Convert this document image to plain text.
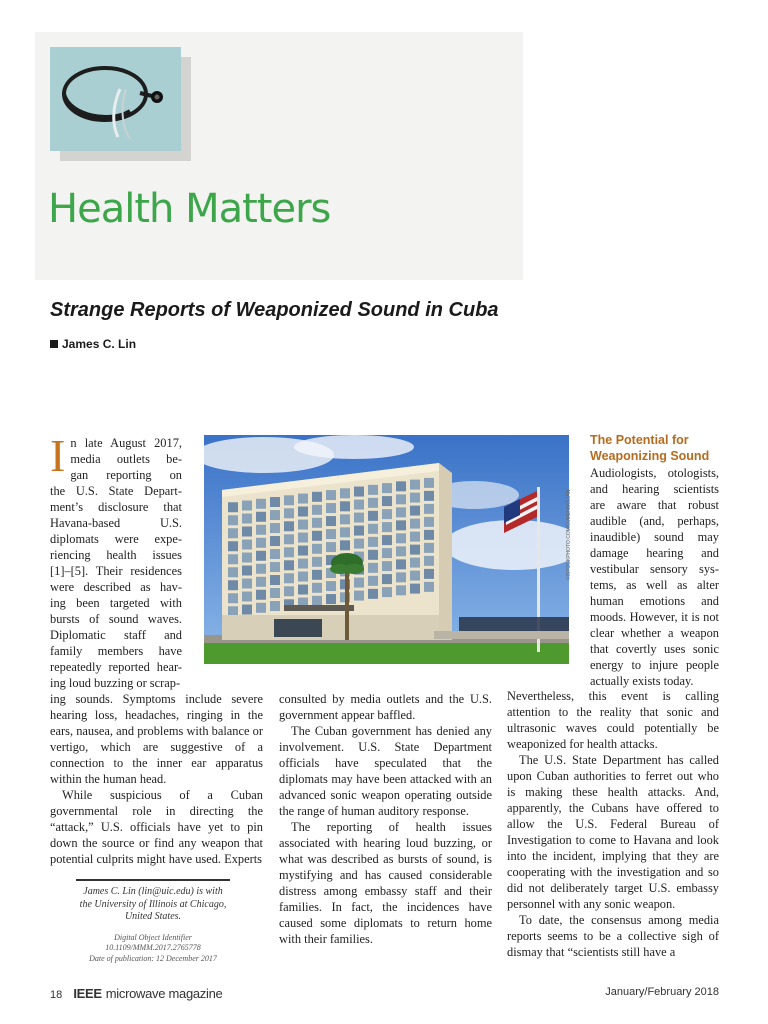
Health Matters
Strange Reports of Weaponized Sound in Cuba
James C. Lin
I n late August 2017,
media outlets be-
gan reporting on
the U.S. State Depart-
ment’s disclosure that
Havana-based U.S.
diplomats were expe-
riencing health issues
[1]–[5]. Their residences
were described as hav-
ing been targeted with
bursts of sound waves.
Diplomatic staff and
family members have
repeatedly reported hear-
ing loud buzzing or scrap-

ing sounds. Symptoms include severe hearing loss, headaches, ringing in the ears, nausea, and problems with balance or vertigo, which are suggestive of a connection to the inner ear apparatus within the human head.

While suspicious of a Cuban governmental role in directing the “attack,” U.S. officials have yet to pin down the source or find any weapon that potential culprits might have used. Experts

©ISTOCKPHOTO.COM/LUMENSOLIAN

consulted by media outlets and the U.S. government appear baffled.

The Cuban government has denied any involvement. U.S. State Department officials have speculated that the diplomats may have been attacked with an advanced sonic weapon operating outside the range of human auditory response.

The reporting of health issues associated with hearing loud buzzing, or what was described as bursts of sound, is mystifying and has caused considerable distress among embassy staff and their families. In fact, the incidences have caused some diplomats to return home with their families.

The Potential for Weaponizing Sound
Audiologists, otologists,
and hearing scientists
are aware that robust
audible (and, perhaps,
inaudible) sound may
damage hearing and
vestibular sensory sys-
tems, as well as alter
human emotions and
moods. However, it is not
clear whether a weapon
that covertly uses sonic
energy to injure people
actually exists today.

Nevertheless, this event is calling attention to the reality that sonic and ultrasonic waves could potentially be weaponized for health attacks.

The U.S. State Department has called upon Cuban authorities to ferret out who is making these health attacks. And, apparently, the Cubans have offered to allow the U.S. Federal Bureau of Investigation to come to Havana and look into the incident, implying that they are cooperating with the investigation and so did not deliberately target U.S. embassy personnel with any sonic weapon.

To date, the consensus among media reports seems to be a collective sigh of dismay that “scientists still have a

James C. Lin (lin@uic.edu) is with the University of Illinois at Chicago, United States.

Digital Object Identifier 10.1109/MMM.2017.2765778
Date of publication: 12 December 2017

18 IEEE microwave magazine	January/February 2018
